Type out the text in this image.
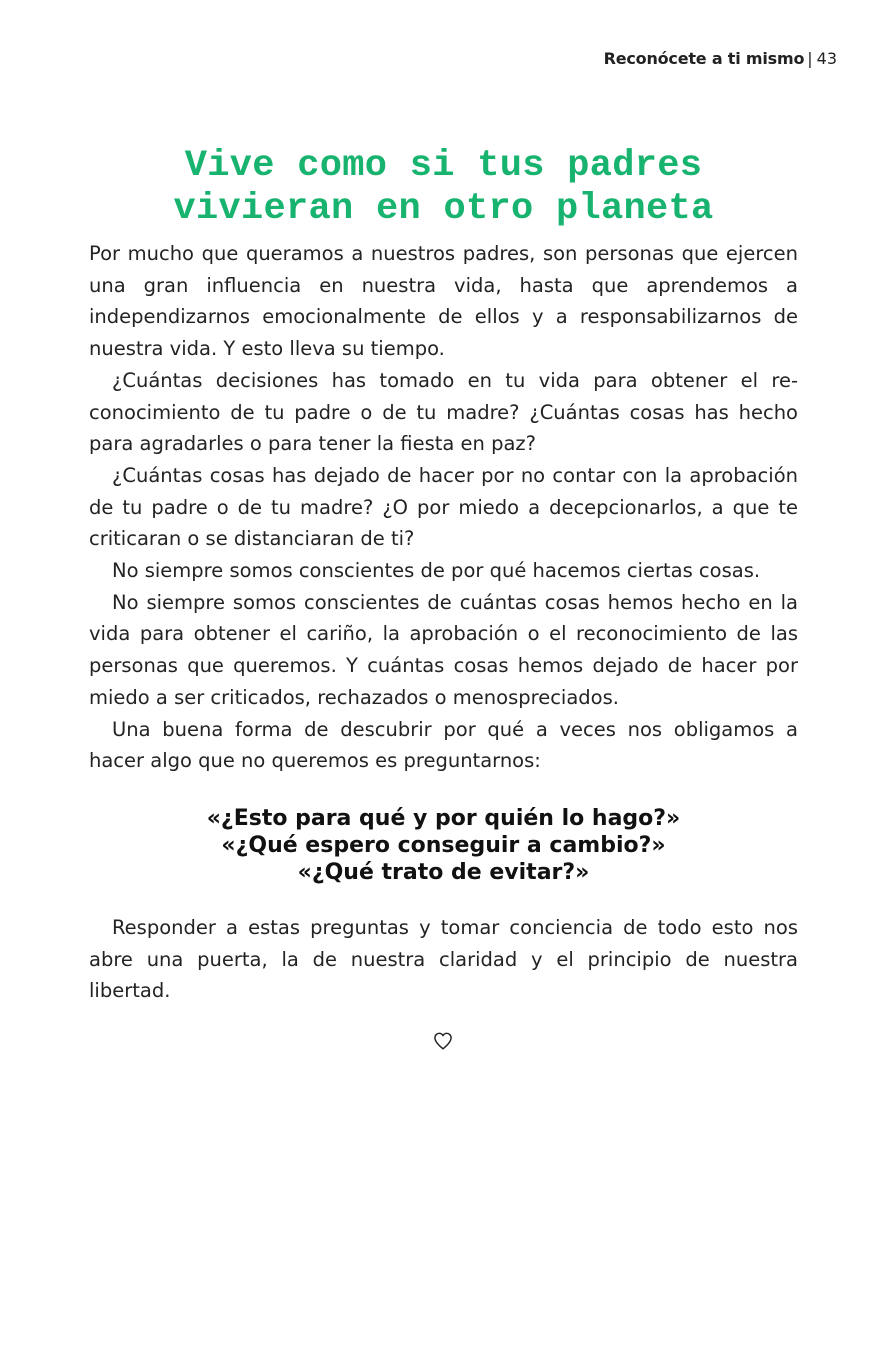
Reconócete a ti mismo | 43
Vive como si tus padres vivieran en otro planeta

Por mucho que queramos a nuestros padres, son personas que ejercen una gran influencia en nuestra vida, hasta que aprendemos a independizarnos emocionalmente de ellos y a responsabilizarnos de nuestra vida. Y esto lleva su tiempo.

¿Cuántas decisiones has tomado en tu vida para obtener el reconocimiento de tu padre o de tu madre? ¿Cuántas cosas has hecho para agradarles o para tener la fiesta en paz?

¿Cuántas cosas has dejado de hacer por no contar con la aprobación de tu padre o de tu madre? ¿O por miedo a decepcionarlos, a que te criticaran o se distanciaran de ti?

No siempre somos conscientes de por qué hacemos ciertas cosas.

No siempre somos conscientes de cuántas cosas hemos hecho en la vida para obtener el cariño, la aprobación o el reconocimiento de las personas que queremos. Y cuántas cosas hemos dejado de hacer por miedo a ser criticados, rechazados o menospreciados.

Una buena forma de descubrir por qué a veces nos obligamos a hacer algo que no queremos es preguntarnos:

«¿Esto para qué y por quién lo hago?»
«¿Qué espero conseguir a cambio?»
«¿Qué trato de evitar?»

Responder a estas preguntas y tomar conciencia de todo esto nos abre una puerta, la de nuestra claridad y el principio de nuestra libertad.
